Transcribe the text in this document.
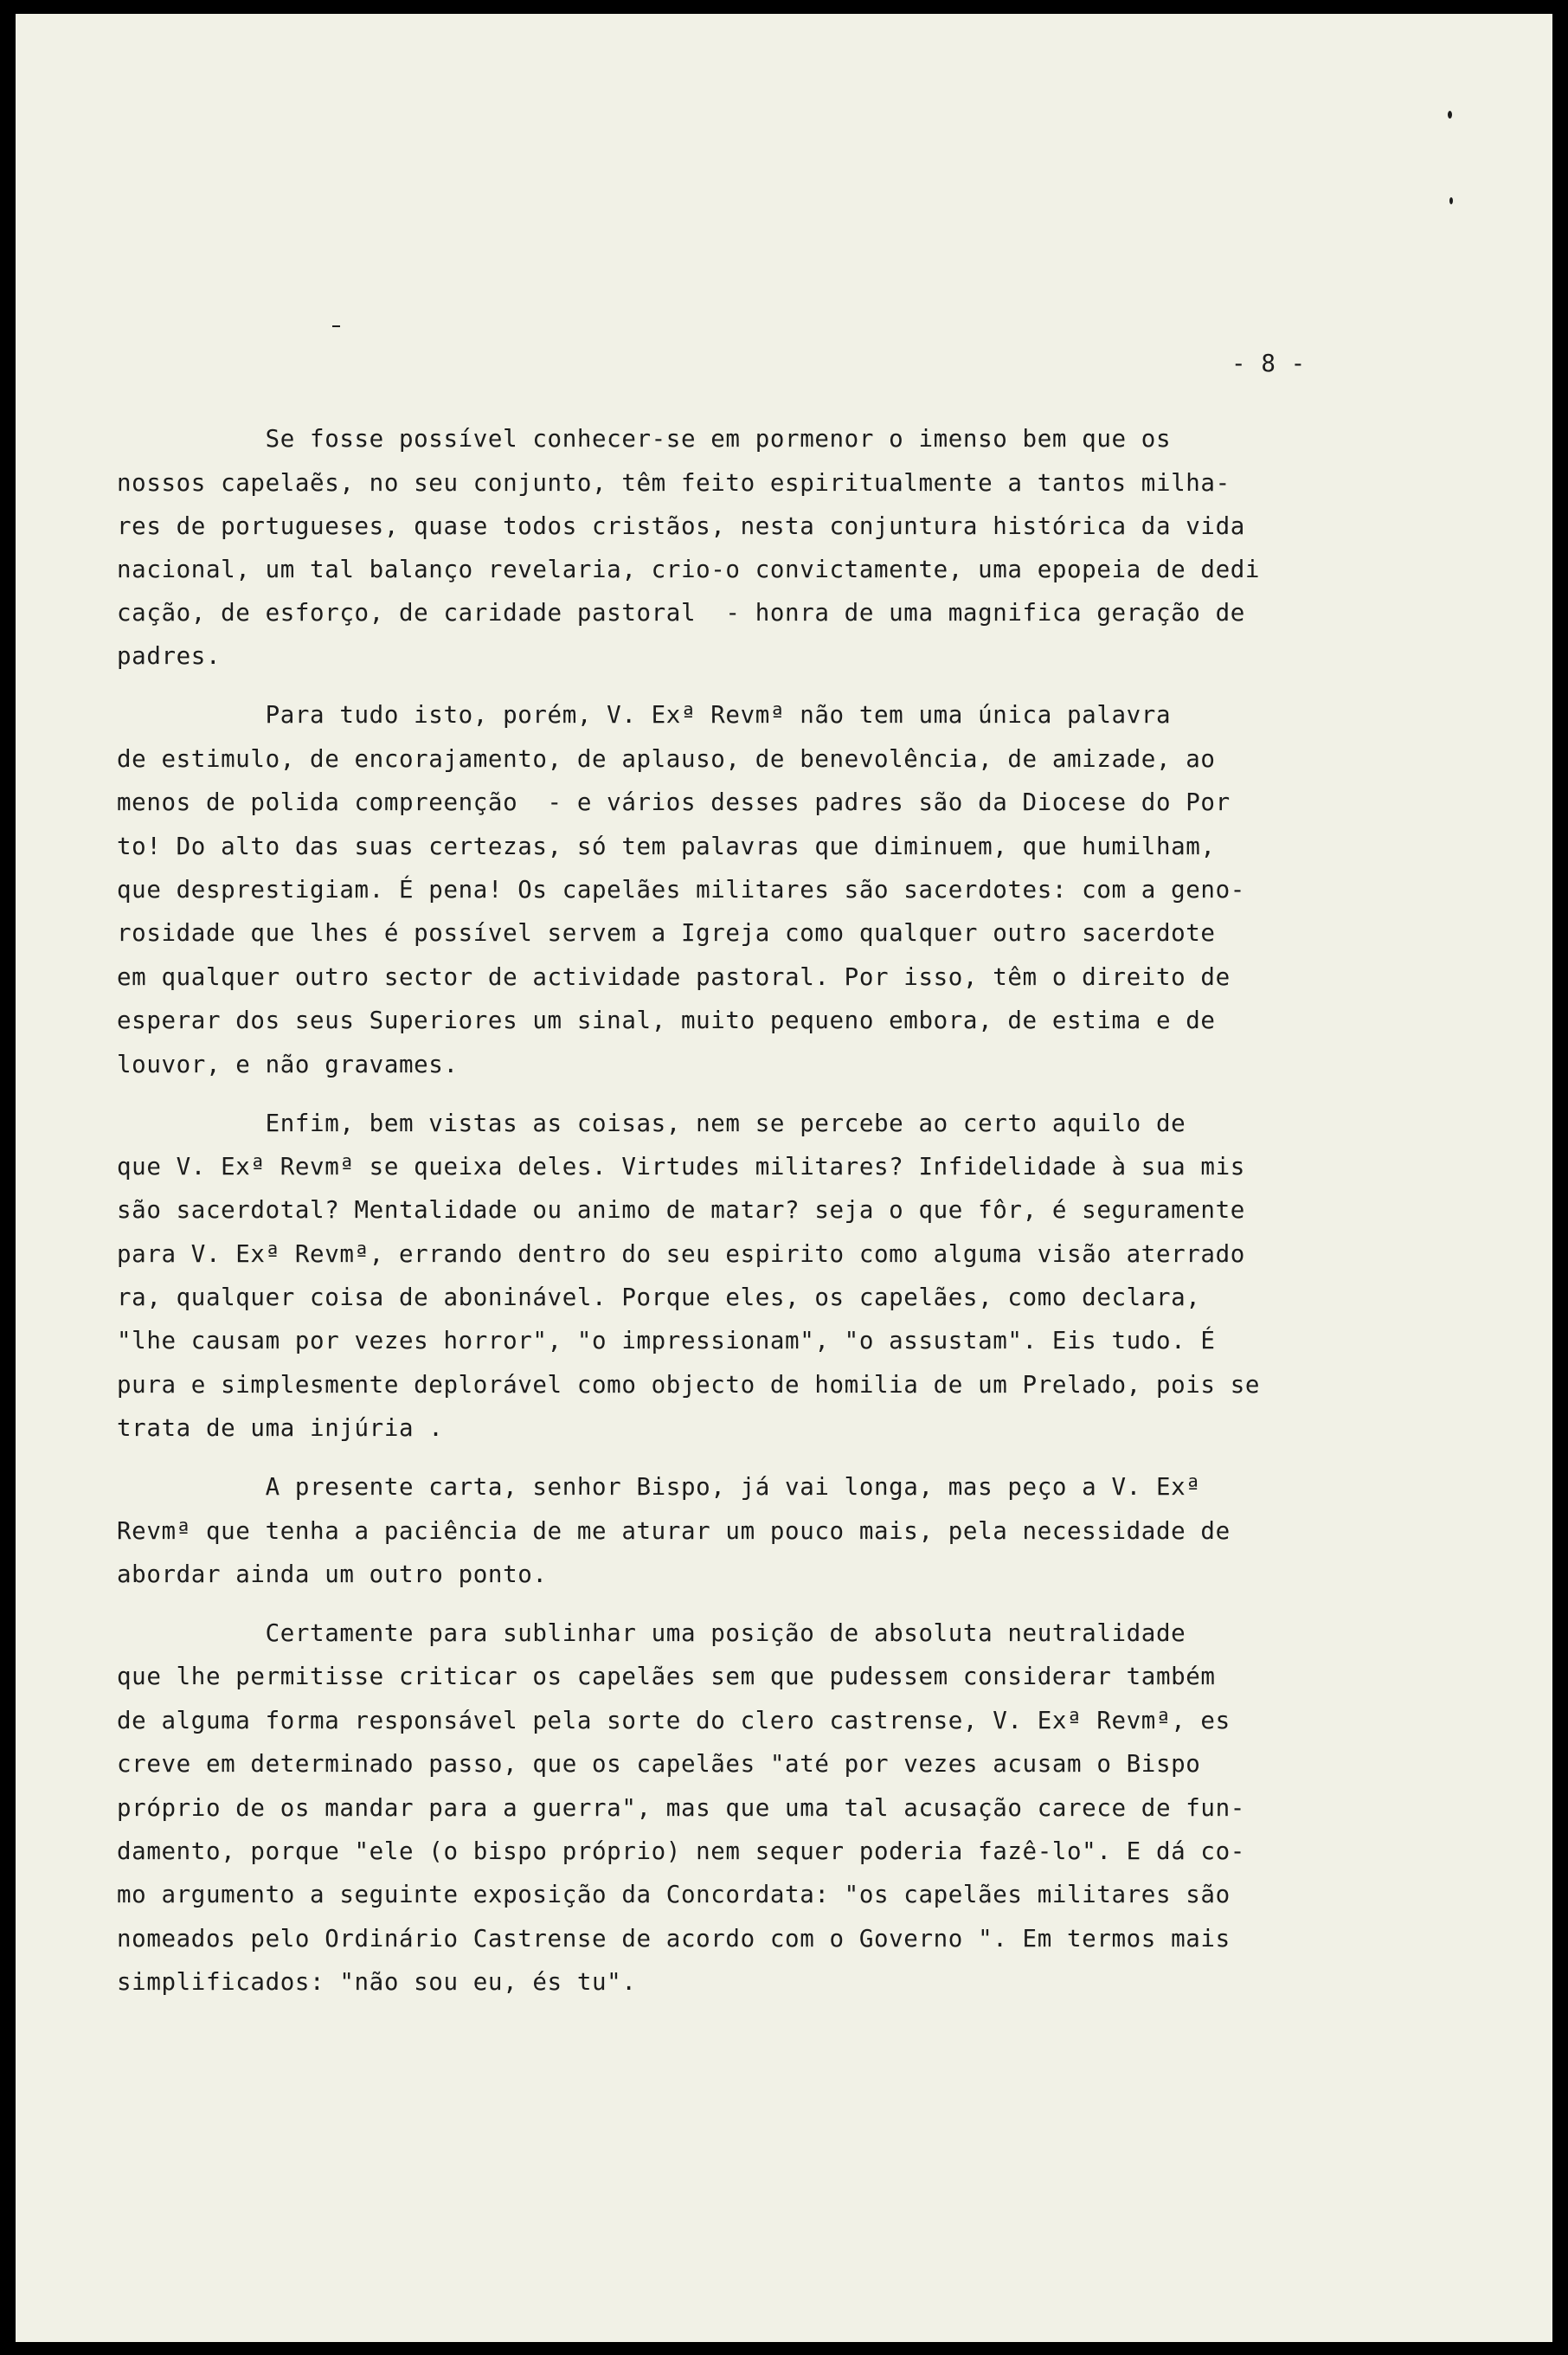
- 8 -
Se fosse possível conhecer-se em pormenor o imenso bem que os
nossos capelaẽs, no seu conjunto, têm feito espiritualmente a tantos milha-
res de portugueses, quase todos cristãos, nesta conjuntura histórica da vida
nacional, um tal balanço revelaria, crio-o convictamente, uma epopeia de dedi
cação, de esforço, de caridade pastoral  - honra de uma magnifica geração de
padres.
Para tudo isto, porém, V. Exª Revmª não tem uma única palavra
de estimulo, de encorajamento, de aplauso, de benevolência, de amizade, ao
menos de polida compreenção  - e vários desses padres são da Diocese do Por
to! Do alto das suas certezas, só tem palavras que diminuem, que humilham,
que desprestigiam. É pena! Os capelães militares são sacerdotes: com a geno-
rosidade que lhes é possível servem a Igreja como qualquer outro sacerdote
em qualquer outro sector de actividade pastoral. Por isso, têm o direito de
esperar dos seus Superiores um sinal, muito pequeno embora, de estima e de
louvor, e não gravames.
Enfim, bem vistas as coisas, nem se percebe ao certo aquilo de
que V. Exª Revmª se queixa deles. Virtudes militares? Infidelidade à sua mis
são sacerdotal? Mentalidade ou animo de matar? seja o que fôr, é seguramente
para V. Exª Revmª, errando dentro do seu espirito como alguma visão aterrado
ra, qualquer coisa de aboninável. Porque eles, os capelães, como declara,
"lhe causam por vezes horror", "o impressionam", "o assustam". Eis tudo. É
pura e simplesmente deplorável como objecto de homilia de um Prelado, pois se
trata de uma injúria .
A presente carta, senhor Bispo, já vai longa, mas peço a V. Exª
Revmª que tenha a paciência de me aturar um pouco mais, pela necessidade de
abordar ainda um outro ponto.
Certamente para sublinhar uma posição de absoluta neutralidade
que lhe permitisse criticar os capelães sem que pudessem considerar também
de alguma forma responsável pela sorte do clero castrense, V. Exª Revmª, es
creve em determinado passo, que os capelães "até por vezes acusam o Bispo
próprio de os mandar para a guerra", mas que uma tal acusação carece de fun-
damento, porque "ele (o bispo próprio) nem sequer poderia fazê-lo". E dá co-
mo argumento a seguinte exposição da Concordata: "os capelães militares são
nomeados pelo Ordinário Castrense de acordo com o Governo ". Em termos mais
simplificados: "não sou eu, és tu".
